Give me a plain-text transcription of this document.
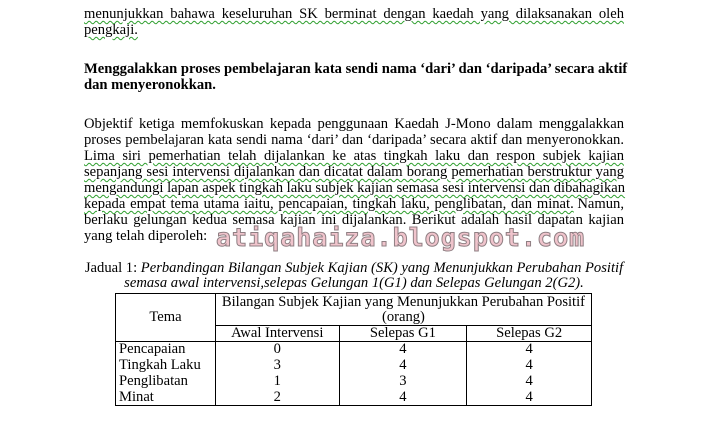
menunjukkan bahawa keseluruhan SK berminat dengan kaedah yang dilaksanakan oleh
pengkaji.
Menggalakkan proses pembelajaran kata sendi nama ‘dari’ dan ‘daripada’ secara aktif
dan menyeronokkan.
Objektif ketiga memfokuskan kepada penggunaan Kaedah J-Mono dalam menggalakkan
proses pembelajaran kata sendi nama ‘dari’ dan ‘daripada’ secara aktif dan menyeronokkan.
Lima siri pemerhatian telah dijalankan ke atas tingkah laku dan respon subjek kajian
sepanjang sesi intervensi dijalankan dan dicatat dalam borang pemerhatian berstruktur yang
mengandungi lapan aspek tingkah laku subjek kajian semasa sesi intervensi dan dibahagikan
kepada empat tema utama iaitu, pencapaian, tingkah laku, penglibatan, dan minat. Namun,
berlaku gelungan kedua semasa kajian ini dijalankan. Berikut adalah hasil dapatan kajian
yang telah diperoleh: atiqahaiza.blogspot.com
Jadual 1: Perbandingan Bilangan Subjek Kajian (SK) yang Menunjukkan Perubahan Positif
semasa awal intervensi,selepas Gelungan 1(G1) dan Selepas Gelungan 2(G2).
Tema	Bilangan Subjek Kajian yang Menunjukkan Perubahan Positif (orang)		
	Awal Intervensi	Selepas G1	Selepas G2
Pencapaian	0	4	4
Tingkah Laku	3	4	4
Penglibatan	1	3	4
Minat	2	4	4
